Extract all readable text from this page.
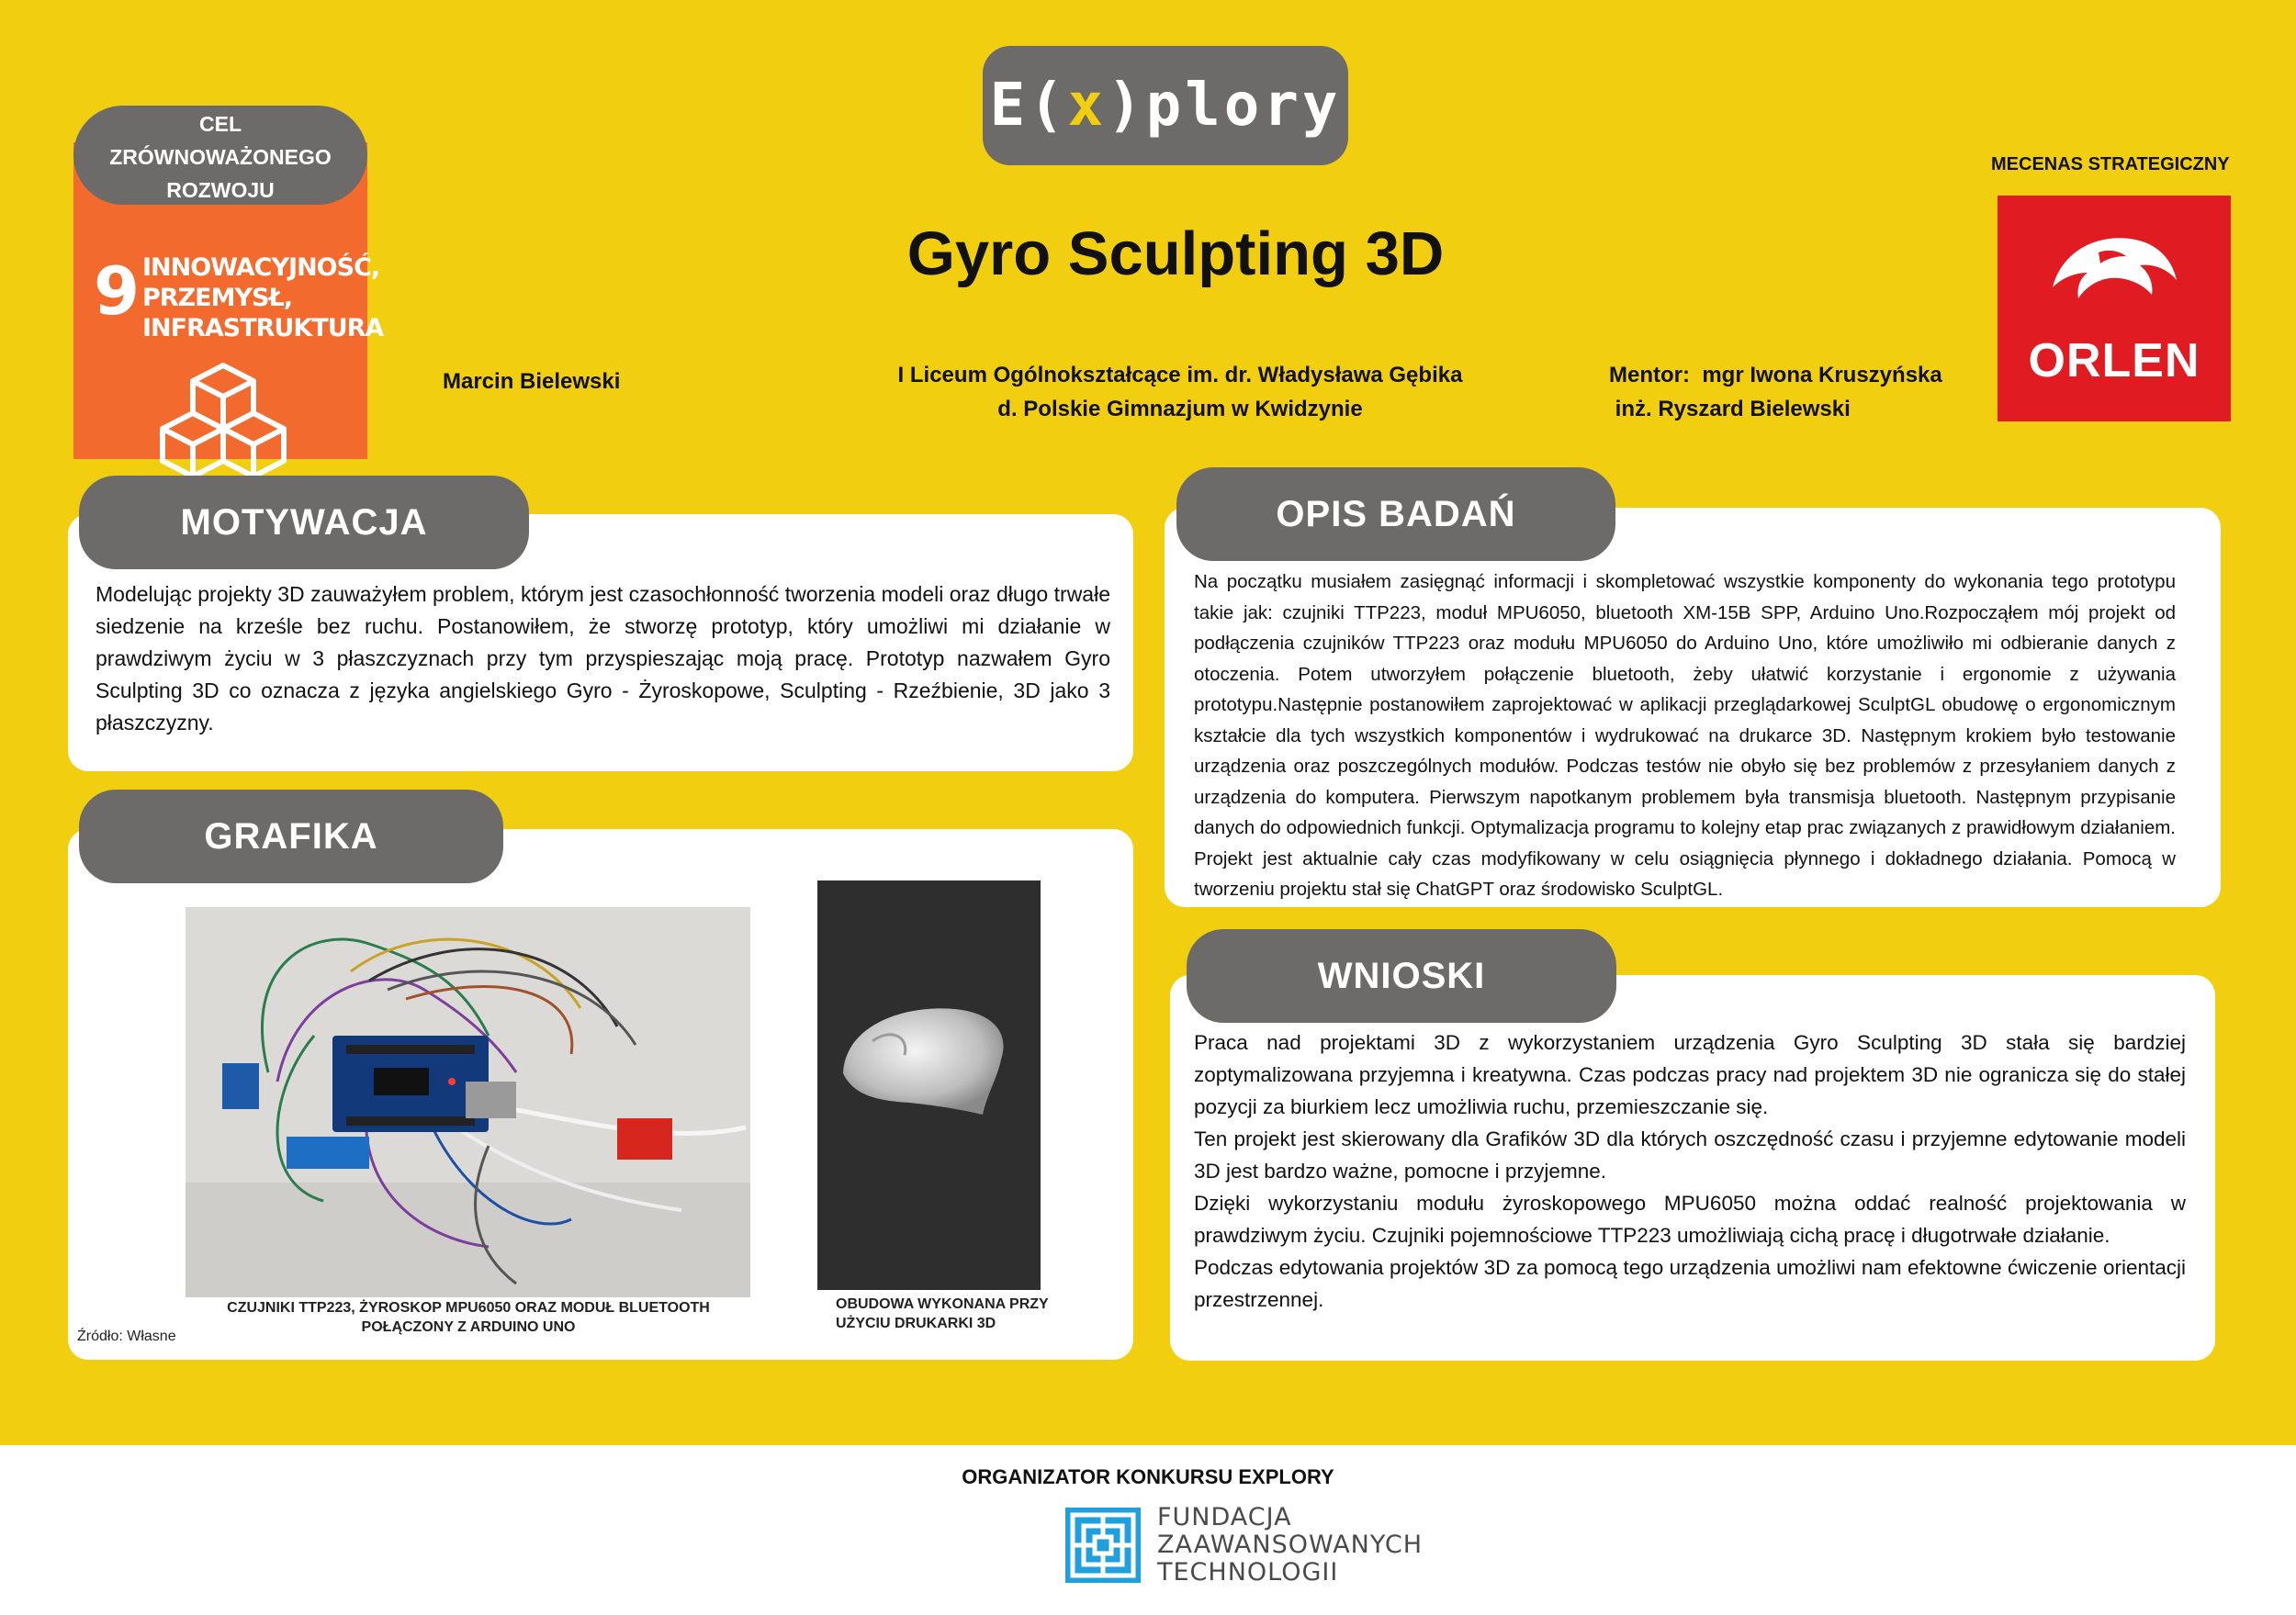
E( x )plory
9 INNOWACYJNOŚĆ,
PRZEMYSŁ,
INFRASTRUKTURA
CEL
ZRÓWNOWAŻONEGO
ROZWOJU
Gyro Sculpting 3D
Marcin Bielewski	I Liceum Ogólnokształcące im. dr. Władysława Gębika
d. Polskie Gimnazjum w Kwidzynie
Mentor:  mgr Iwona Kruszyńska
inż. Ryszard Bielewski
MECENAS STRATEGICZNY
ORLEN
MOTYWACJA
Modelując projekty 3D zauważyłem problem, którym jest czasochłonność tworzenia modeli oraz długo trwałe siedzenie na krześle bez ruchu. Postanowiłem, że stworzę prototyp, który umożliwi mi działanie w prawdziwym życiu w 3 płaszczyznach przy tym przyspieszając moją pracę. Prototyp nazwałem Gyro Sculpting 3D co oznacza z języka angielskiego Gyro - Żyroskopowe, Sculpting - Rzeźbienie, 3D jako 3 płaszczyzny.
GRAFIKA
CZUJNIKI TTP223, ŻYROSKOP MPU6050 ORAZ MODUŁ BLUETOOTH POŁĄCZONY Z ARDUINO UNO
OBUDOWA WYKONANA PRZY UŻYCIU DRUKARKI 3D
Źródło: Własne
OPIS BADAŃ
Na początku musiałem zasięgnąć informacji i skompletować wszystkie komponenty do wykonania tego prototypu takie jak: czujniki TTP223, moduł MPU6050, bluetooth XM-15B SPP, Arduino Uno.Rozpocząłem mój projekt od podłączenia czujników TTP223 oraz modułu MPU6050 do Arduino Uno, które umożliwiło mi odbieranie danych z otoczenia. Potem utworzyłem połączenie bluetooth, żeby ułatwić korzystanie i ergonomie z używania prototypu.Następnie postanowiłem zaprojektować w aplikacji przeglądarkowej SculptGL obudowę o ergonomicznym kształcie dla tych wszystkich komponentów i wydrukować na drukarce 3D. Następnym krokiem było testowanie urządzenia oraz poszczególnych modułów. Podczas testów nie obyło się bez problemów z przesyłaniem danych z urządzenia do komputera. Pierwszym napotkanym problemem była transmisja bluetooth. Następnym przypisanie danych do odpowiednich funkcji. Optymalizacja programu to kolejny etap prac związanych z prawidłowym działaniem. Projekt jest aktualnie cały czas modyfikowany w celu osiągnięcia płynnego i dokładnego działania. Pomocą w tworzeniu projektu stał się ChatGPT oraz środowisko SculptGL.
WNIOSKI

Praca nad projektami 3D z wykorzystaniem urządzenia Gyro Sculpting 3D stała się bardziej zoptymalizowana przyjemna i kreatywna. Czas podczas pracy nad projektem 3D nie ogranicza się do stałej pozycji za biurkiem lecz umożliwia ruchu, przemieszczanie się.

Ten projekt jest skierowany dla Grafików 3D dla których oszczędność czasu i przyjemne edytowanie modeli 3D jest bardzo ważne, pomocne i przyjemne.

Dzięki wykorzystaniu modułu żyroskopowego MPU6050 można oddać realność projektowania w prawdziwym życiu. Czujniki pojemnościowe TTP223 umożliwiają cichą pracę i długotrwałe działanie.

Podczas edytowania projektów 3D za pomocą tego urządzenia umożliwi nam efektowne ćwiczenie orientacji przestrzennej.

ORGANIZATOR KONKURSU EXPLORY
FUNDACJA
ZAAWANSOWANYCH
TECHNOLOGII
